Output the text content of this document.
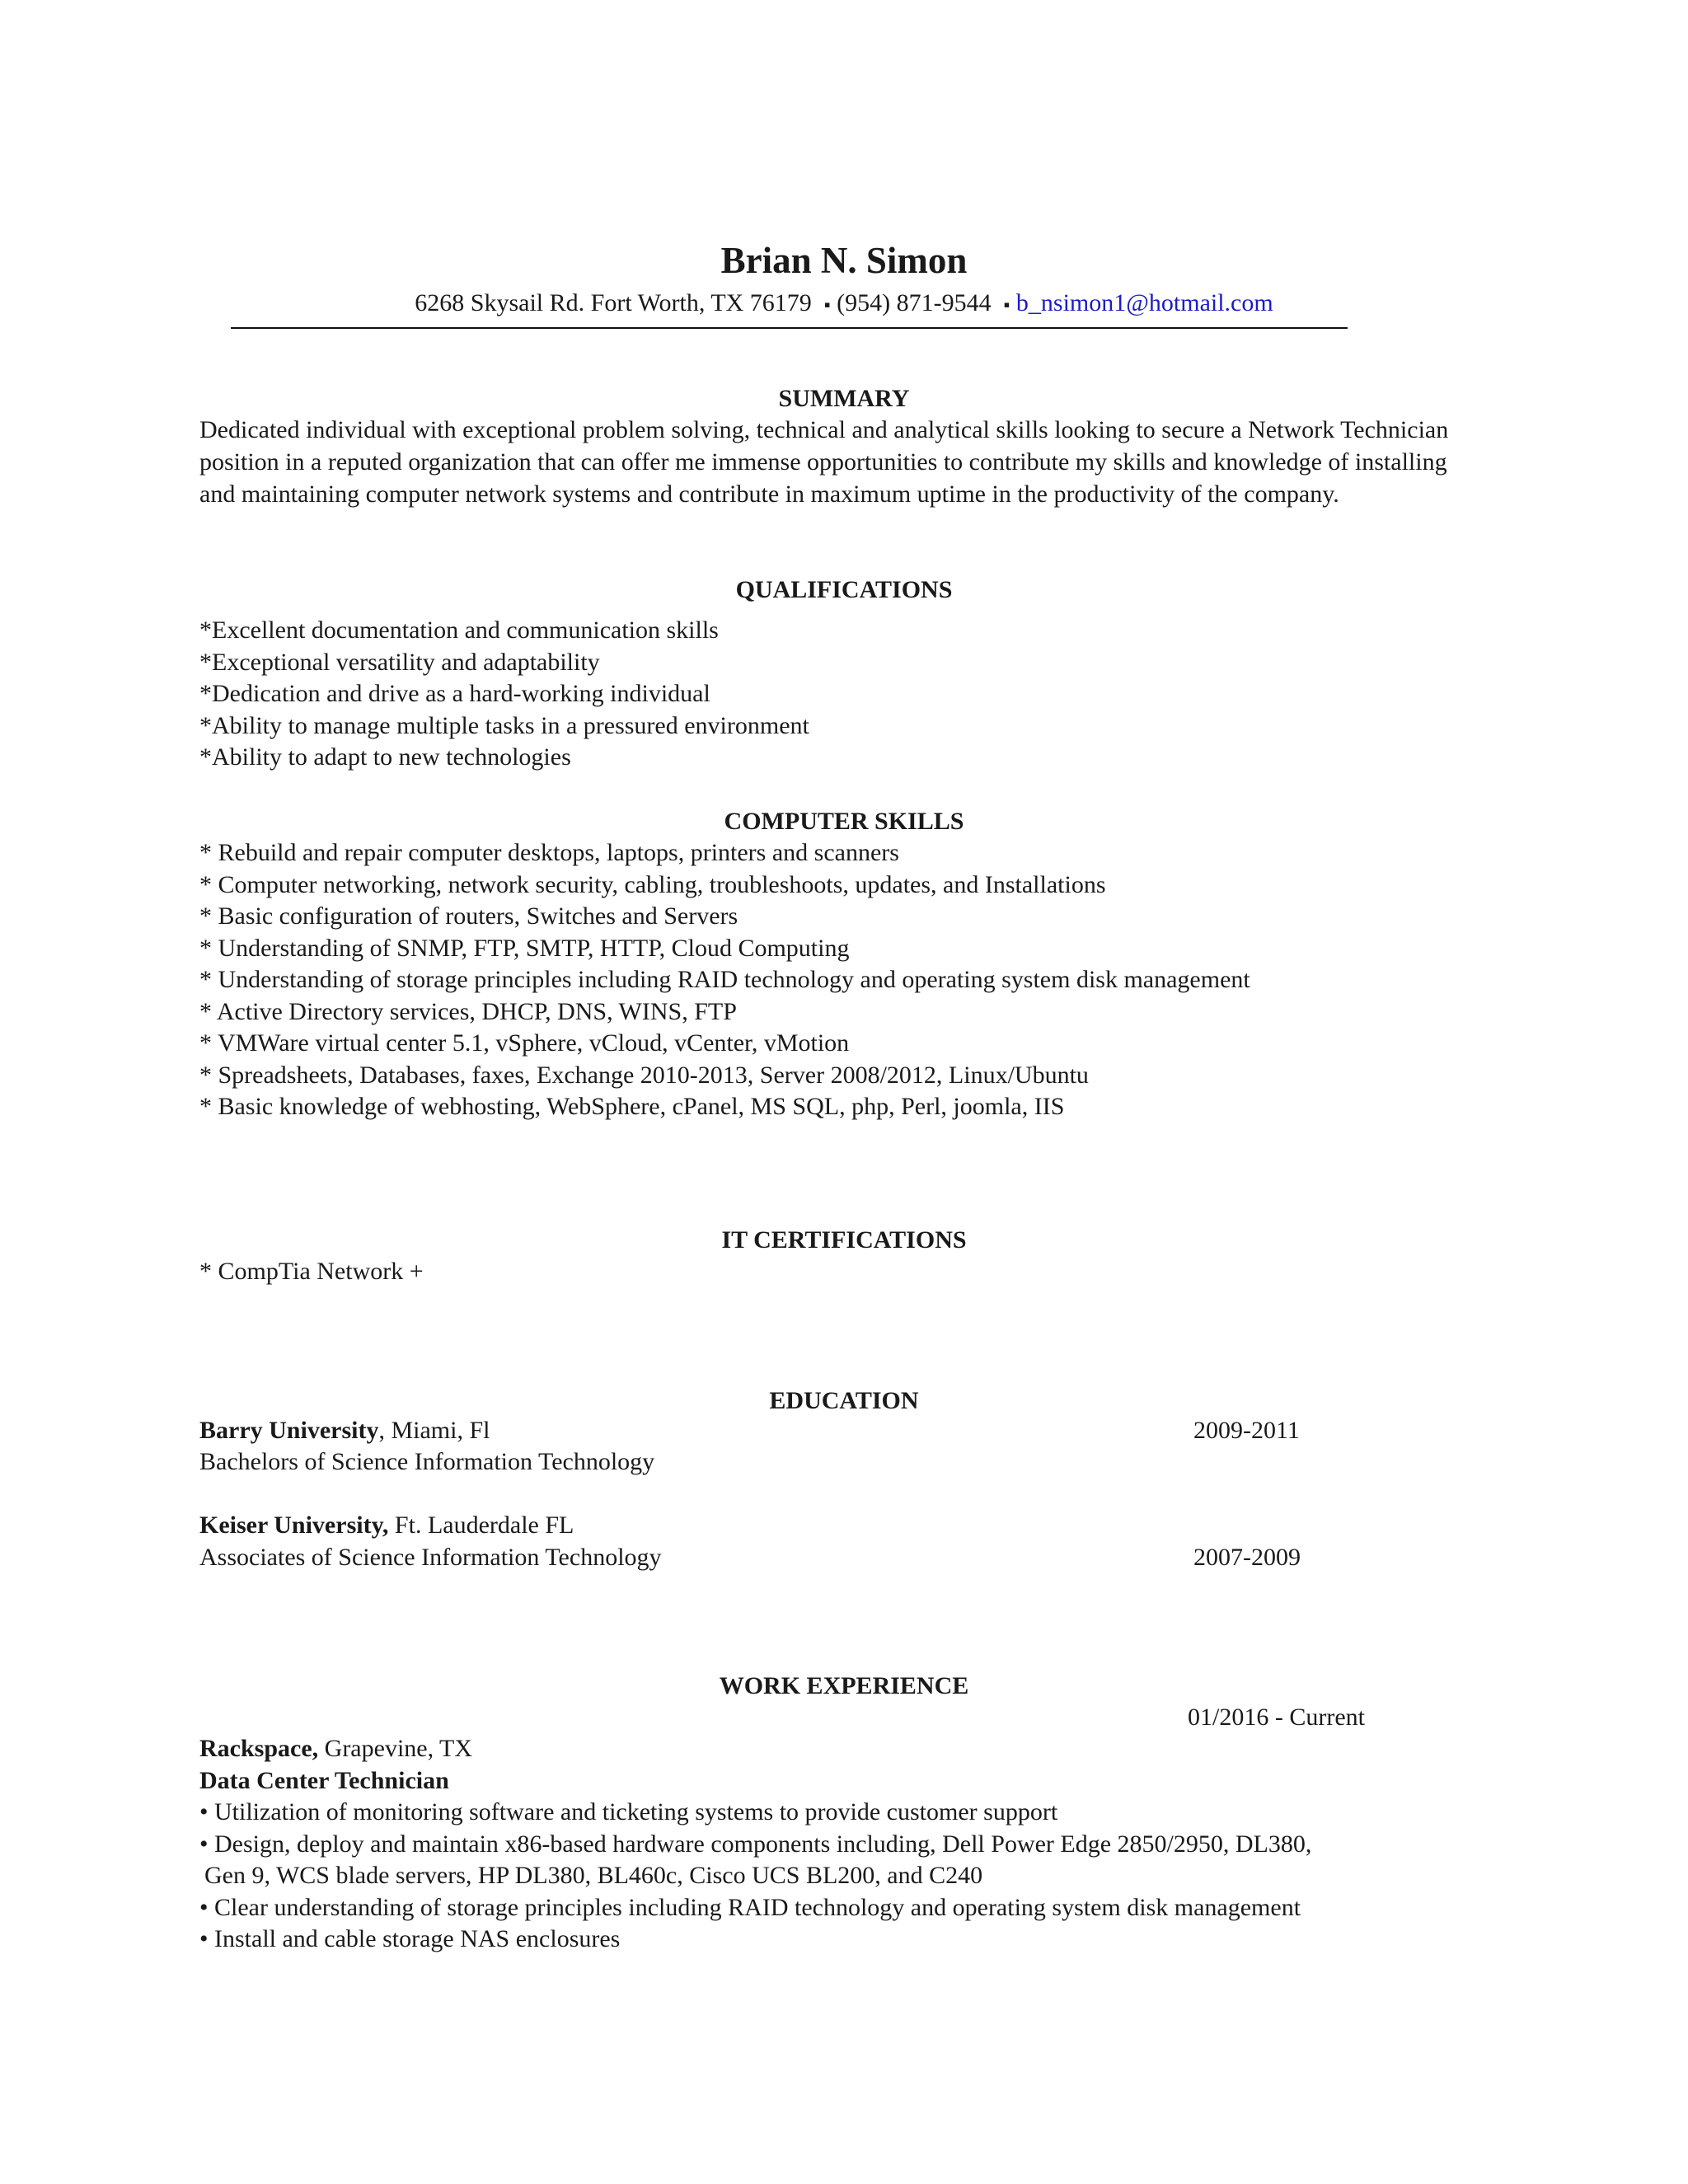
Brian N. Simon
6268 Skysail Rd. Fort Worth, TX 76179 ▪ (954) 871-9544 ▪ b_nsimon1@hotmail.com
SUMMARY
Dedicated individual with exceptional problem solving, technical and analytical skills looking to secure a Network Technician position in a reputed organization that can offer me immense opportunities to contribute my skills and knowledge of installing and maintaining computer network systems and contribute in maximum uptime in the productivity of the company.
QUALIFICATIONS
*Excellent documentation and communication skills
*Exceptional versatility and adaptability
*Dedication and drive as a hard-working individual
*Ability to manage multiple tasks in a pressured environment
*Ability to adapt to new technologies
COMPUTER SKILLS
* Rebuild and repair computer desktops, laptops, printers and scanners
* Computer networking, network security, cabling, troubleshoots, updates, and Installations
* Basic configuration of routers, Switches and Servers
* Understanding of SNMP, FTP, SMTP, HTTP, Cloud Computing
* Understanding of storage principles including RAID technology and operating system disk management
* Active Directory services, DHCP, DNS, WINS, FTP
* VMWare virtual center 5.1, vSphere, vCloud, vCenter, vMotion
* Spreadsheets, Databases, faxes, Exchange 2010-2013, Server 2008/2012, Linux/Ubuntu
* Basic knowledge of webhosting, WebSphere, cPanel, MS SQL, php, Perl, joomla, IIS
IT CERTIFICATIONS
* CompTia Network +
EDUCATION
Barry University, Miami, Fl	2009-2011
Bachelors of Science Information Technology
Keiser University, Ft. Lauderdale FL
Associates of Science Information Technology	2007-2009
WORK EXPERIENCE
01/2016 - Current
Rackspace, Grapevine, TX
Data Center Technician
• Utilization of monitoring software and ticketing systems to provide customer support
• Design, deploy and maintain x86-based hardware components including, Dell Power Edge 2850/2950, DL380,
Gen 9, WCS blade servers, HP DL380, BL460c, Cisco UCS BL200, and C240
• Clear understanding of storage principles including RAID technology and operating system disk management
• Install and cable storage NAS enclosures
